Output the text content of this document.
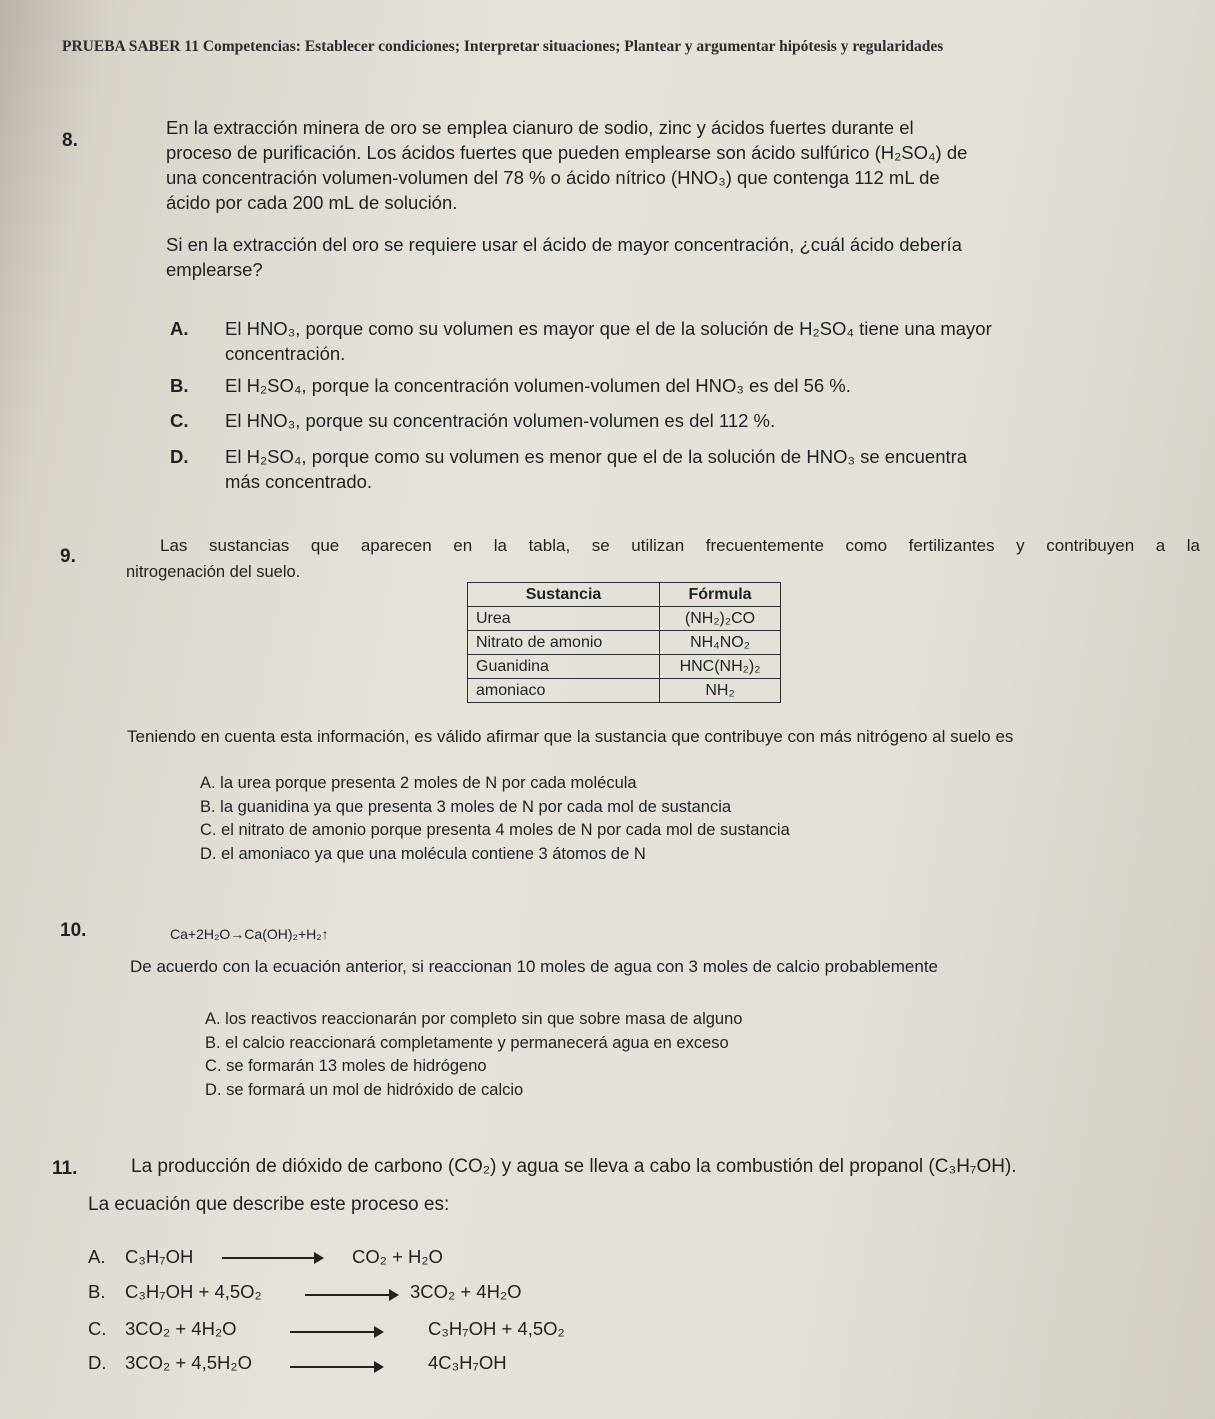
PRUEBA SABER 11 Competencias: Establecer condiciones; Interpretar situaciones; Plantear y argumentar hipótesis y regularidades
8.
En la extracción minera de oro se emplea cianuro de sodio, zinc y ácidos fuertes durante el
proceso de purificación. Los ácidos fuertes que pueden emplearse son ácido sulfúrico (H₂SO₄) de
una concentración volumen-volumen del 78 % o ácido nítrico (HNO₃) que contenga 112 mL de
ácido por cada 200 mL de solución.
Si en la extracción del oro se requiere usar el ácido de mayor concentración, ¿cuál ácido debería
emplearse?
A. El HNO₃, porque como su volumen es mayor que el de la solución de H₂SO₄ tiene una mayor
concentración.
B. El H₂SO₄, porque la concentración volumen-volumen del HNO₃ es del 56 %.
C. El HNO₃, porque su concentración volumen-volumen es del 112 %.
D. El H₂SO₄, porque como su volumen es menor que el de la solución de HNO₃ se encuentra
más concentrado.
9.
Las sustancias que aparecen en la tabla, se utilizan frecuentemente como fertilizantes y contribuyen a la
nitrogenación del suelo.
Sustancia	Fórmula
Urea	(NH₂)₂CO
Nitrato de amonio	NH₄NO₂
Guanidina	HNC(NH₂)₂
amoniaco	NH₂
Teniendo en cuenta esta información, es válido afirmar que la sustancia que contribuye con más nitrógeno al suelo es
A. la urea porque presenta 2 moles de N por cada molécula
B. la guanidina ya que presenta 3 moles de N por cada mol de sustancia
C. el nitrato de amonio porque presenta 4 moles de N por cada mol de sustancia
D. el amoniaco ya que una molécula contiene 3 átomos de N
10.	Ca+2H₂O→Ca(OH)₂+H₂↑
De acuerdo con la ecuación anterior, si reaccionan 10 moles de agua con 3 moles de calcio probablemente
A. los reactivos reaccionarán por completo sin que sobre masa de alguno
B. el calcio reaccionará completamente y permanecerá agua en exceso
C. se formarán 13 moles de hidrógeno
D. se formará un mol de hidróxido de calcio
11.	La producción de dióxido de carbono (CO₂) y agua se lleva a cabo la combustión del propanol (C₃H₇OH).
La ecuación que describe este proceso es:
A. C₃H₇OH	CO₂ + H₂O
B. C₃H₇OH + 4,5O₂	3CO₂ + 4H₂O
C. 3CO₂ + 4H₂O	C₃H₇OH + 4,5O₂
D. 3CO₂ + 4,5H₂O	4C₃H₇OH
